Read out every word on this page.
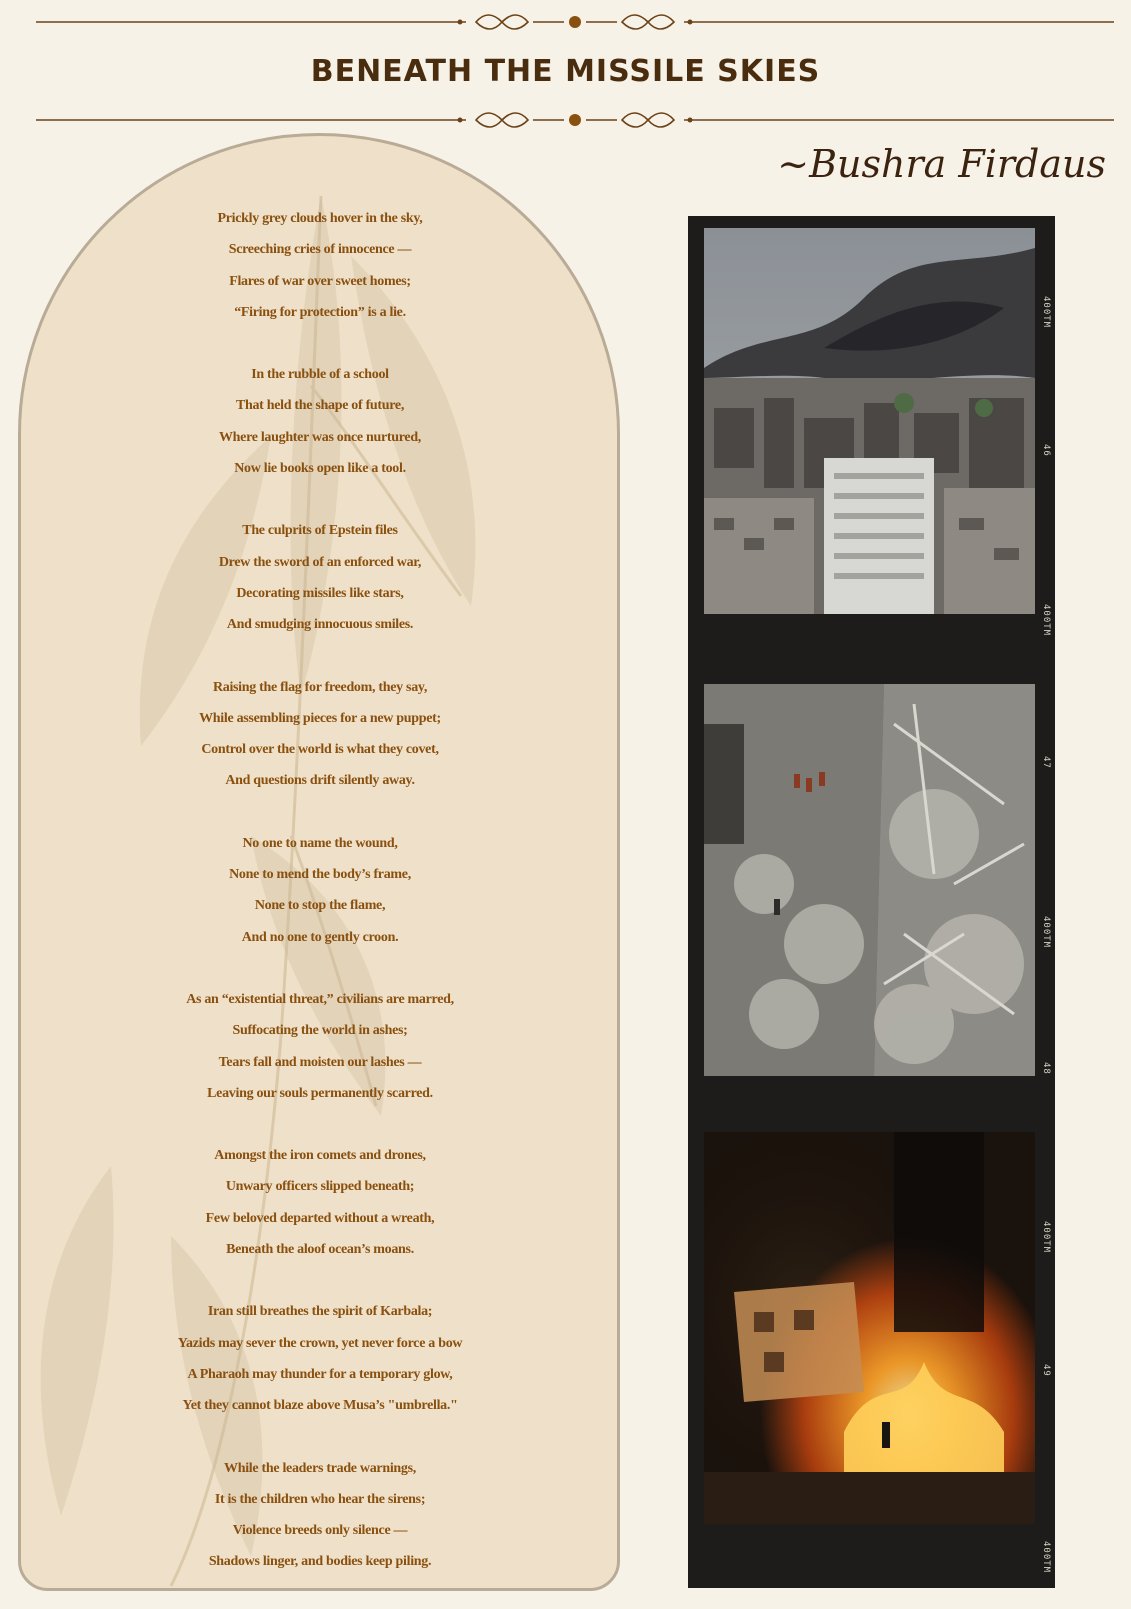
BENEATH THE MISSILE SKIES

~Bushra Firdaus

Prickly grey clouds hover in the sky,
Screeching cries of innocence —
Flares of war over sweet homes;
“Firing for protection” is a lie.
In the rubble of a school
That held the shape of future,
Where laughter was once nurtured,
Now lie books open like a tool.
The culprits of Epstein files
Drew the sword of an enforced war,
Decorating missiles like stars,
And smudging innocuous smiles.
Raising the flag for freedom, they say,
While assembling pieces for a new puppet;
Control over the world is what they covet,
And questions drift silently away.
No one to name the wound,
None to mend the body’s frame,
None to stop the flame,
And no one to gently croon.
As an “existential threat,” civilians are marred,
Suffocating the world in ashes;
Tears fall and moisten our lashes —
Leaving our souls permanently scarred.
Amongst the iron comets and drones,
Unwary officers slipped beneath;
Few beloved departed without a wreath,
Beneath the aloof ocean’s moans.
Iran still breathes the spirit of Karbala;
Yazids may sever the crown, yet never force a bow
A Pharaoh may thunder for a temporary glow,
Yet they cannot blaze above Musa’s "umbrella."
While the leaders trade warnings,
It is the children who hear the sirens;
Violence breeds only silence —
Shadows linger, and bodies keep piling.
400TM
46
400TM
47
400TM
48
400TM
49
400TM
